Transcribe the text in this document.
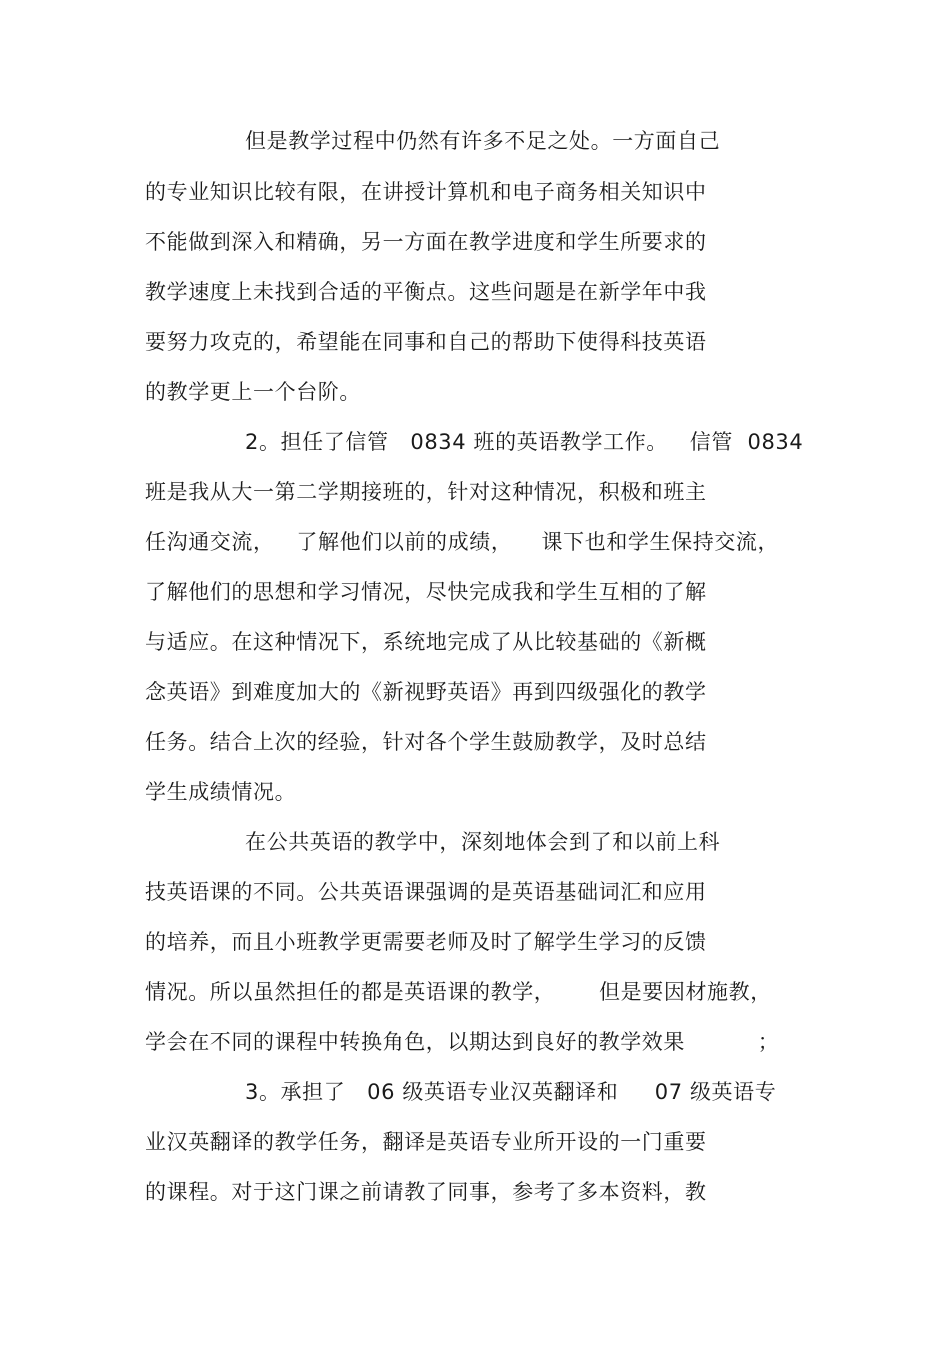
但是教学过程中仍然有许多不足之处。一方面自己
的专业知识比较有限，在讲授计算机和电子商务相关知识中
不能做到深入和精确，另一方面在教学进度和学生所要求的
教学速度上未找到合适的平衡点。这些问题是在新学年中我
要努力攻克的，希望能在同事和自己的帮助下使得科技英语
的教学更上一个台阶。
2。担任了信管   0834 班的英语教学工作。   信管  0834
班是我从大一第二学期接班的，针对这种情况，积极和班主
任沟通交流，   了解他们以前的成绩，    课下也和学生保持交流，
了解他们的思想和学习情况，尽快完成我和学生互相的了解
与适应。在这种情况下，系统地完成了从比较基础的《新概
念英语》到难度加大的《新视野英语》再到四级强化的教学
任务。结合上次的经验，针对各个学生鼓励教学，及时总结
学生成绩情况。
在公共英语的教学中，深刻地体会到了和以前上科
技英语课的不同。公共英语课强调的是英语基础词汇和应用
的培养，而且小班教学更需要老师及时了解学生学习的反馈
情况。所以虽然担任的都是英语课的教学，      但是要因材施教，
学会在不同的课程中转换角色，以期达到良好的教学效果          ；
3。承担了   06 级英语专业汉英翻译和     07 级英语专
业汉英翻译的教学任务，翻译是英语专业所开设的一门重要
的课程。对于这门课之前请教了同事，参考了多本资料，教
